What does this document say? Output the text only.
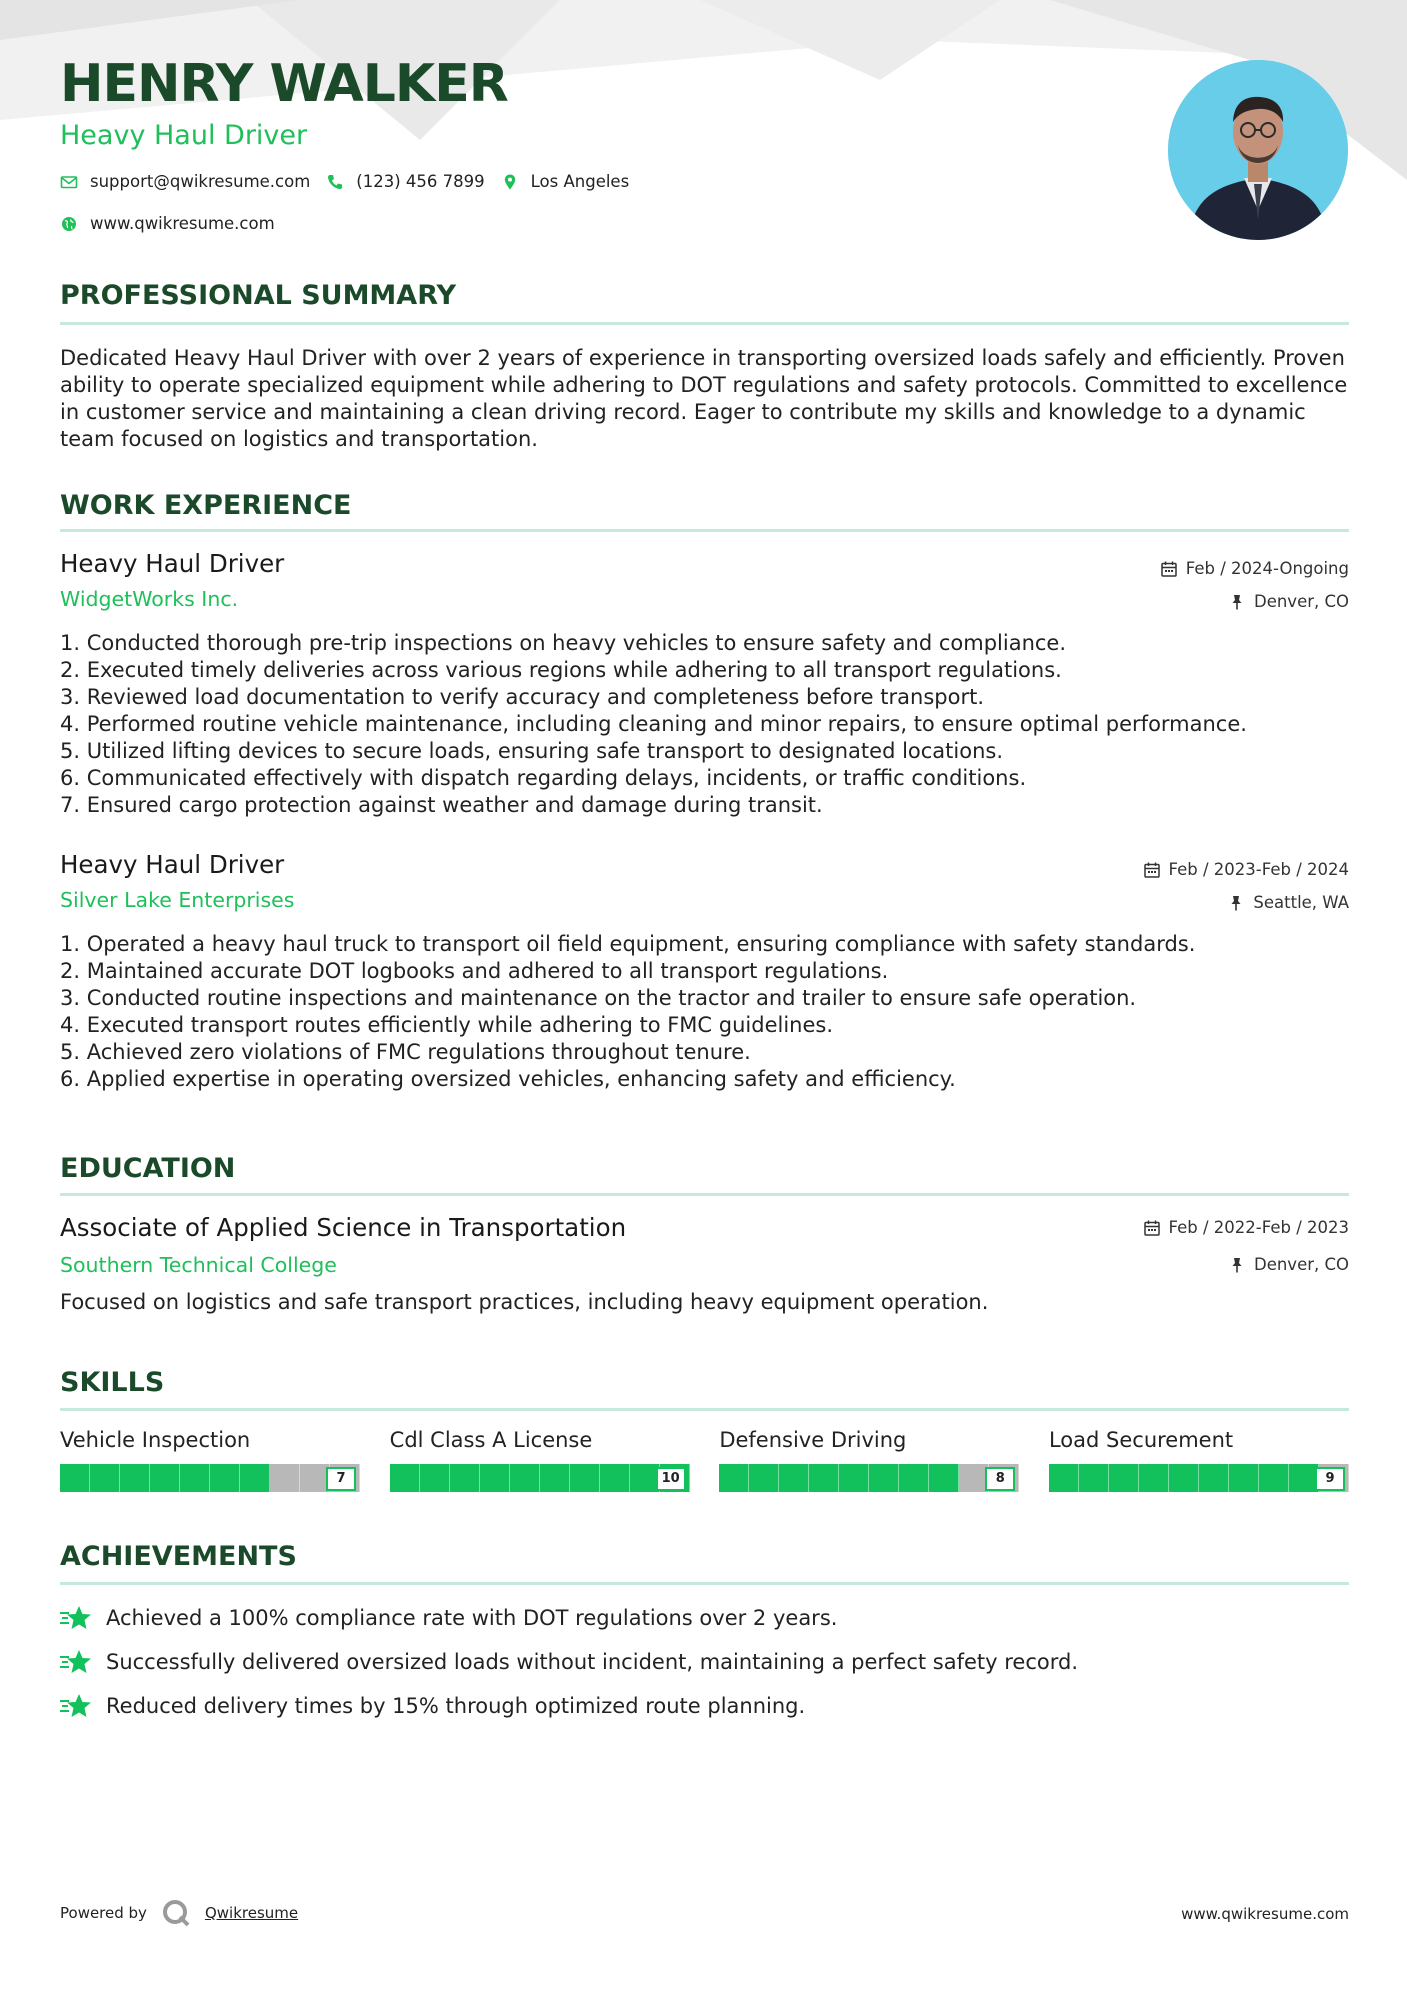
HENRY WALKER
Heavy Haul Driver
support@qwikresume.com	(123) 456 7899	Los Angeles
www.qwikresume.com
PROFESSIONAL SUMMARY
Dedicated Heavy Haul Driver with over 2 years of experience in transporting oversized loads safely and efficiently. Proven
ability to operate specialized equipment while adhering to DOT regulations and safety protocols. Committed to excellence
in customer service and maintaining a clean driving record. Eager to contribute my skills and knowledge to a dynamic
team focused on logistics and transportation.
WORK EXPERIENCE
Heavy Haul Driver	Feb / 2024-Ongoing
WidgetWorks Inc.	Denver, CO
1. Conducted thorough pre-trip inspections on heavy vehicles to ensure safety and compliance.
2. Executed timely deliveries across various regions while adhering to all transport regulations.
3. Reviewed load documentation to verify accuracy and completeness before transport.
4. Performed routine vehicle maintenance, including cleaning and minor repairs, to ensure optimal performance.
5. Utilized lifting devices to secure loads, ensuring safe transport to designated locations.
6. Communicated effectively with dispatch regarding delays, incidents, or traffic conditions.
7. Ensured cargo protection against weather and damage during transit.
Heavy Haul Driver	Feb / 2023-Feb / 2024
Silver Lake Enterprises	Seattle, WA
1. Operated a heavy haul truck to transport oil field equipment, ensuring compliance with safety standards.
2. Maintained accurate DOT logbooks and adhered to all transport regulations.
3. Conducted routine inspections and maintenance on the tractor and trailer to ensure safe operation.
4. Executed transport routes efficiently while adhering to FMC guidelines.
5. Achieved zero violations of FMC regulations throughout tenure.
6. Applied expertise in operating oversized vehicles, enhancing safety and efficiency.
EDUCATION
Associate of Applied Science in Transportation	Feb / 2022-Feb / 2023
Southern Technical College	Denver, CO
Focused on logistics and safe transport practices, including heavy equipment operation.
SKILLS
Vehicle Inspection
7
Cdl Class A License
10
Defensive Driving
8
Load Securement
9
ACHIEVEMENTS
Achieved a 100% compliance rate with DOT regulations over 2 years.
Successfully delivered oversized loads without incident, maintaining a perfect safety record.
Reduced delivery times by 15% through optimized route planning.
Powered by	Qwikresume	www.qwikresume.com
